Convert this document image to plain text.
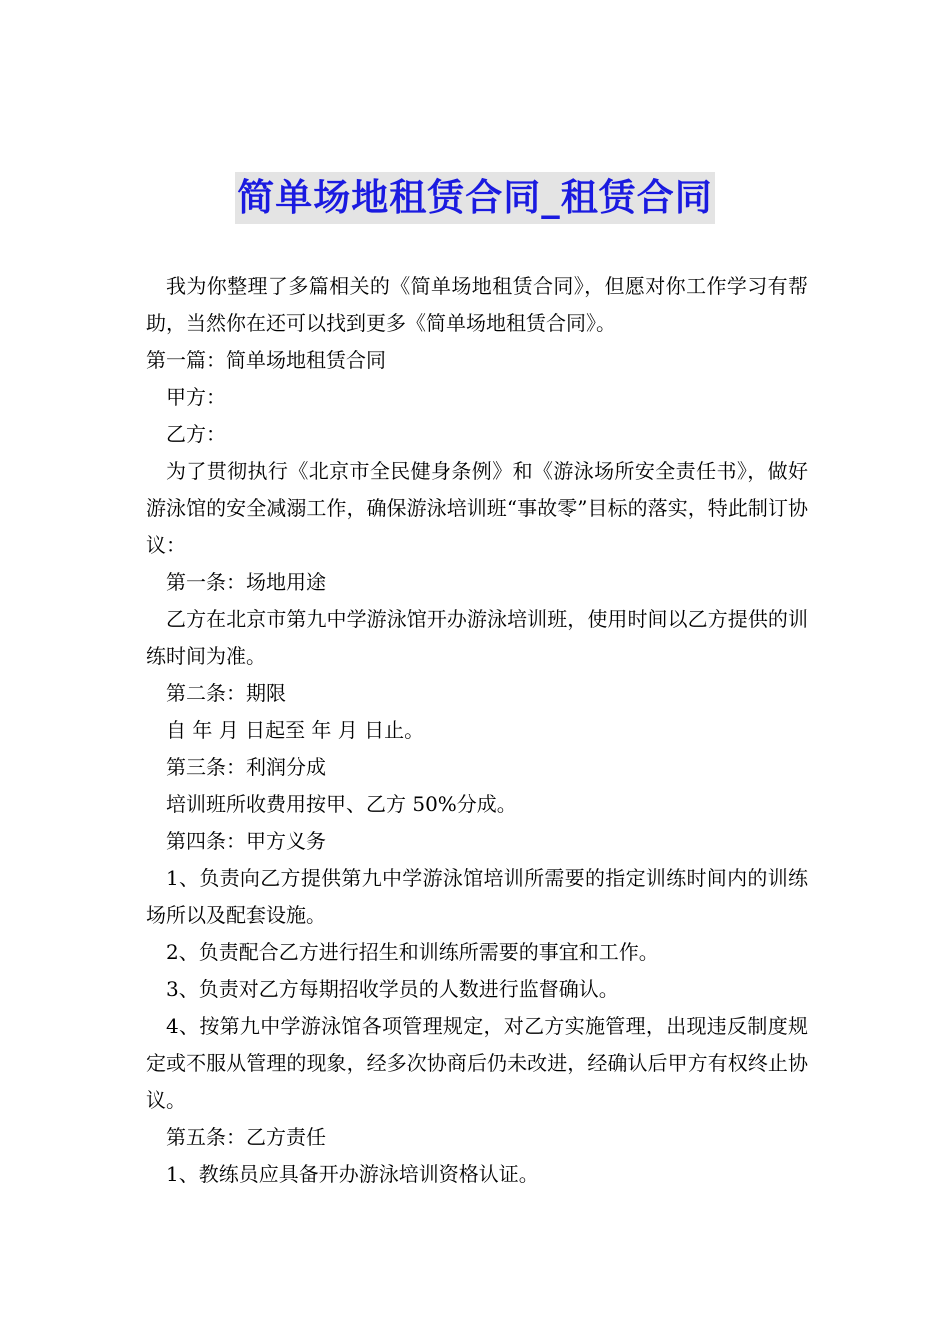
简单场地租赁合同_租赁合同

我为你整理了多篇相关的《简单场地租赁合同》，但愿对你工作学习有帮助，当然你在还可以找到更多《简单场地租赁合同》。

第一篇：简单场地租赁合同

甲方：

乙方：

为了贯彻执行《北京市全民健身条例》和《游泳场所安全责任书》，做好游泳馆的安全减溺工作，确保游泳培训班“事故零”目标的落实，特此制订协议：

第一条：场地用途

乙方在北京市第九中学游泳馆开办游泳培训班，使用时间以乙方提供的训练时间为准。

第二条：期限

自 年 月 日起至 年 月 日止。

第三条：利润分成

培训班所收费用按甲、乙方 50%分成。

第四条：甲方义务

1、负责向乙方提供第九中学游泳馆培训所需要的指定训练时间内的训练场所以及配套设施。

2、负责配合乙方进行招生和训练所需要的事宜和工作。

3、负责对乙方每期招收学员的人数进行监督确认。

4、按第九中学游泳馆各项管理规定，对乙方实施管理，出现违反制度规定或不服从管理的现象，经多次协商后仍未改进，经确认后甲方有权终止协议。

第五条：乙方责任

1、教练员应具备开办游泳培训资格认证。
